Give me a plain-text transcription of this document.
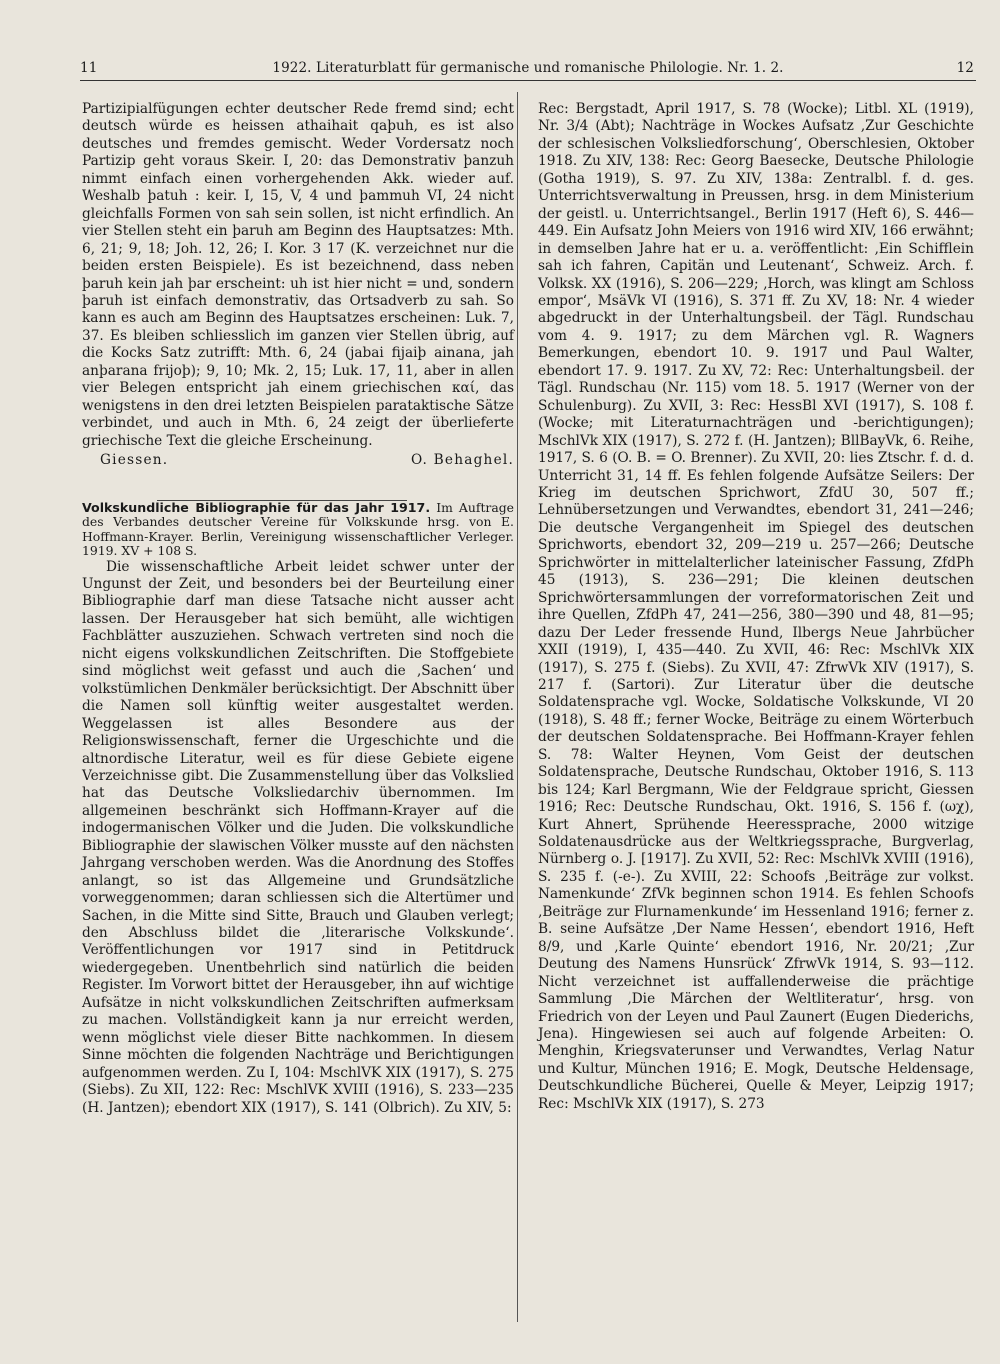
11	1922. Literaturblatt für germanische und romanische Philologie. Nr. 1. 2.	12

Partizipialfügungen echter deutscher Rede fremd sind; echt deutsch würde es heissen athaihait qaþuh, es ist also deutsches und fremdes gemischt. Weder Vordersatz noch Partizip geht voraus Skeir. I, 20: das Demonstrativ þanzuh nimmt einfach einen vorhergehenden Akk. wieder auf. Weshalb þatuh : keir. I, 15, V, 4 und þammuh VI, 24 nicht gleichfalls Formen von sah sein sollen, ist nicht erfindlich. An vier Stellen steht ein þaruh am Beginn des Hauptsatzes: Mth. 6, 21; 9, 18; Joh. 12, 26; I. Kor. 3 17 (K. verzeichnet nur die beiden ersten Beispiele). Es ist bezeichnend, dass neben þaruh kein jah þar erscheint: uh ist hier nicht = und, sondern þaruh ist einfach demonstrativ, das Ortsadverb zu sah. So kann es auch am Beginn des Hauptsatzes erscheinen: Luk. 7, 37. Es bleiben schliesslich im ganzen vier Stellen übrig, auf die Kocks Satz zutrifft: Mth. 6, 24 (jabai fijaiþ ainana, jah anþarana frijoþ); 9, 10; Mk. 2, 15; Luk. 17, 11, aber in allen vier Belegen entspricht jah einem griechischen καί, das wenigstens in den drei letzten Beispielen parataktische Sätze verbindet, und auch in Mth. 6, 24 zeigt der überlieferte griechische Text die gleiche Erscheinung.

Giessen.	O. Behaghel.

Volkskundliche Bibliographie für das Jahr 1917. Im Auftrage des Verbandes deutscher Vereine für Volkskunde hrsg. von E. Hoffmann-Krayer. Berlin, Vereinigung wissenschaftlicher Verleger. 1919. XV + 108 S.

Die wissenschaftliche Arbeit leidet schwer unter der Ungunst der Zeit, und besonders bei der Beurteilung einer Bibliographie darf man diese Tatsache nicht ausser acht lassen. Der Herausgeber hat sich bemüht, alle wichtigen Fachblätter auszuziehen. Schwach vertreten sind noch die nicht eigens volkskundlichen Zeitschriften. Die Stoffgebiete sind möglichst weit gefasst und auch die ‚Sachen‘ und volkstümlichen Denkmäler berücksichtigt. Der Abschnitt über die Namen soll künftig weiter ausgestaltet werden. Weggelassen ist alles Besondere aus der Religionswissenschaft, ferner die Urgeschichte und die altnordische Literatur, weil es für diese Gebiete eigene Verzeichnisse gibt. Die Zusammenstellung über das Volkslied hat das Deutsche Volksliedarchiv übernommen. Im allgemeinen beschränkt sich Hoffmann-Krayer auf die indogermanischen Völker und die Juden. Die volkskundliche Bibliographie der slawischen Völker musste auf den nächsten Jahrgang verschoben werden. Was die Anordnung des Stoffes anlangt, so ist das Allgemeine und Grundsätzliche vorweggenommen; daran schliessen sich die Altertümer und Sachen, in die Mitte sind Sitte, Brauch und Glauben verlegt; den Abschluss bildet die ‚literarische Volkskunde‘. Veröffentlichungen vor 1917 sind in Petitdruck wiedergegeben. Unentbehrlich sind natürlich die beiden Register. Im Vorwort bittet der Herausgeber, ihn auf wichtige Aufsätze in nicht volkskundlichen Zeitschriften aufmerksam zu machen. Vollständigkeit kann ja nur erreicht werden, wenn möglichst viele dieser Bitte nachkommen. In diesem Sinne möchten die folgenden Nachträge und Berichtigungen aufgenommen werden. Zu I, 104: MschlVK XIX (1917), S. 275 (Siebs). Zu XII, 122: Rec: MschlVK XVIII (1916), S. 233—235 (H. Jantzen); ebendort XIX (1917), S. 141 (Olbrich). Zu XIV, 5:

Rec: Bergstadt, April 1917, S. 78 (Wocke); Litbl. XL (1919), Nr. 3/4 (Abt); Nachträge in Wockes Aufsatz ‚Zur Geschichte der schlesischen Volksliedforschung‘, Oberschlesien, Oktober 1918. Zu XIV, 138: Rec: Georg Baesecke, Deutsche Philologie (Gotha 1919), S. 97. Zu XIV, 138a: Zentralbl. f. d. ges. Unterrichtsverwaltung in Preussen, hrsg. in dem Ministerium der geistl. u. Unterrichtsangel., Berlin 1917 (Heft 6), S. 446—449. Ein Aufsatz John Meiers von 1916 wird XIV, 166 erwähnt; in demselben Jahre hat er u. a. veröffentlicht: ‚Ein Schifflein sah ich fahren, Capitän und Leutenant‘, Schweiz. Arch. f. Volksk. XX (1916), S. 206—229; ‚Horch, was klingt am Schloss empor‘, MsäVk VI (1916), S. 371 ff. Zu XV, 18: Nr. 4 wieder abgedruckt in der Unterhaltungsbeil. der Tägl. Rundschau vom 4. 9. 1917; zu dem Märchen vgl. R. Wagners Bemerkungen, ebendort 10. 9. 1917 und Paul Walter, ebendort 17. 9. 1917. Zu XV, 72: Rec: Unterhaltungsbeil. der Tägl. Rundschau (Nr. 115) vom 18. 5. 1917 (Werner von der Schulenburg). Zu XVII, 3: Rec: HessBl XVI (1917), S. 108 f. (Wocke; mit Literaturnachträgen und -berichtigungen); MschlVk XIX (1917), S. 272 f. (H. Jantzen); BllBayVk, 6. Reihe, 1917, S. 6 (O. B. = O. Brenner). Zu XVII, 20: lies Ztschr. f. d. d. Unterricht 31, 14 ff. Es fehlen folgende Aufsätze Seilers: Der Krieg im deutschen Sprichwort, ZfdU 30, 507 ff.; Lehnübersetzungen und Verwandtes, ebendort 31, 241—246; Die deutsche Vergangenheit im Spiegel des deutschen Sprichworts, ebendort 32, 209—219 u. 257—266; Deutsche Sprichwörter in mittelalterlicher lateinischer Fassung, ZfdPh 45 (1913), S. 236—291; Die kleinen deutschen Sprichwörtersammlungen der vorreformatorischen Zeit und ihre Quellen, ZfdPh 47, 241—256, 380—390 und 48, 81—95; dazu Der Leder fressende Hund, Ilbergs Neue Jahrbücher XXII (1919), I, 435—440. Zu XVII, 46: Rec: MschlVk XIX (1917), S. 275 f. (Siebs). Zu XVII, 47: ZfrwVk XIV (1917), S. 217 f. (Sartori). Zur Literatur über die deutsche Soldatensprache vgl. Wocke, Soldatische Volkskunde, VI 20 (1918), S. 48 ff.; ferner Wocke, Beiträge zu einem Wörterbuch der deutschen Soldatensprache. Bei Hoffmann-Krayer fehlen S. 78: Walter Heynen, Vom Geist der deutschen Soldatensprache, Deutsche Rundschau, Oktober 1916, S. 113 bis 124; Karl Bergmann, Wie der Feldgraue spricht, Giessen 1916; Rec: Deutsche Rundschau, Okt. 1916, S. 156 f. (ωχ), Kurt Ahnert, Sprühende Heeressprache, 2000 witzige Soldatenausdrücke aus der Weltkriegssprache, Burgverlag, Nürnberg o. J. [1917]. Zu XVII, 52: Rec: MschlVk XVIII (1916), S. 235 f. (-e-). Zu XVIII, 22: Schoofs ‚Beiträge zur volkst. Namenkunde‘ ZfVk beginnen schon 1914. Es fehlen Schoofs ‚Beiträge zur Flurnamenkunde‘ im Hessenland 1916; ferner z. B. seine Aufsätze ‚Der Name Hessen‘, ebendort 1916, Heft 8/9, und ‚Karle Quinte‘ ebendort 1916, Nr. 20/21; ‚Zur Deutung des Namens Hunsrück‘ ZfrwVk 1914, S. 93—112. Nicht verzeichnet ist auffallenderweise die prächtige Sammlung ‚Die Märchen der Weltliteratur‘, hrsg. von Friedrich von der Leyen und Paul Zaunert (Eugen Diederichs, Jena). Hingewiesen sei auch auf folgende Arbeiten: O. Menghin, Kriegsvaterunser und Verwandtes, Verlag Natur und Kultur, München 1916; E. Mogk, Deutsche Heldensage, Deutschkundliche Bücherei, Quelle & Meyer, Leipzig 1917; Rec: MschlVk XIX (1917), S. 273
